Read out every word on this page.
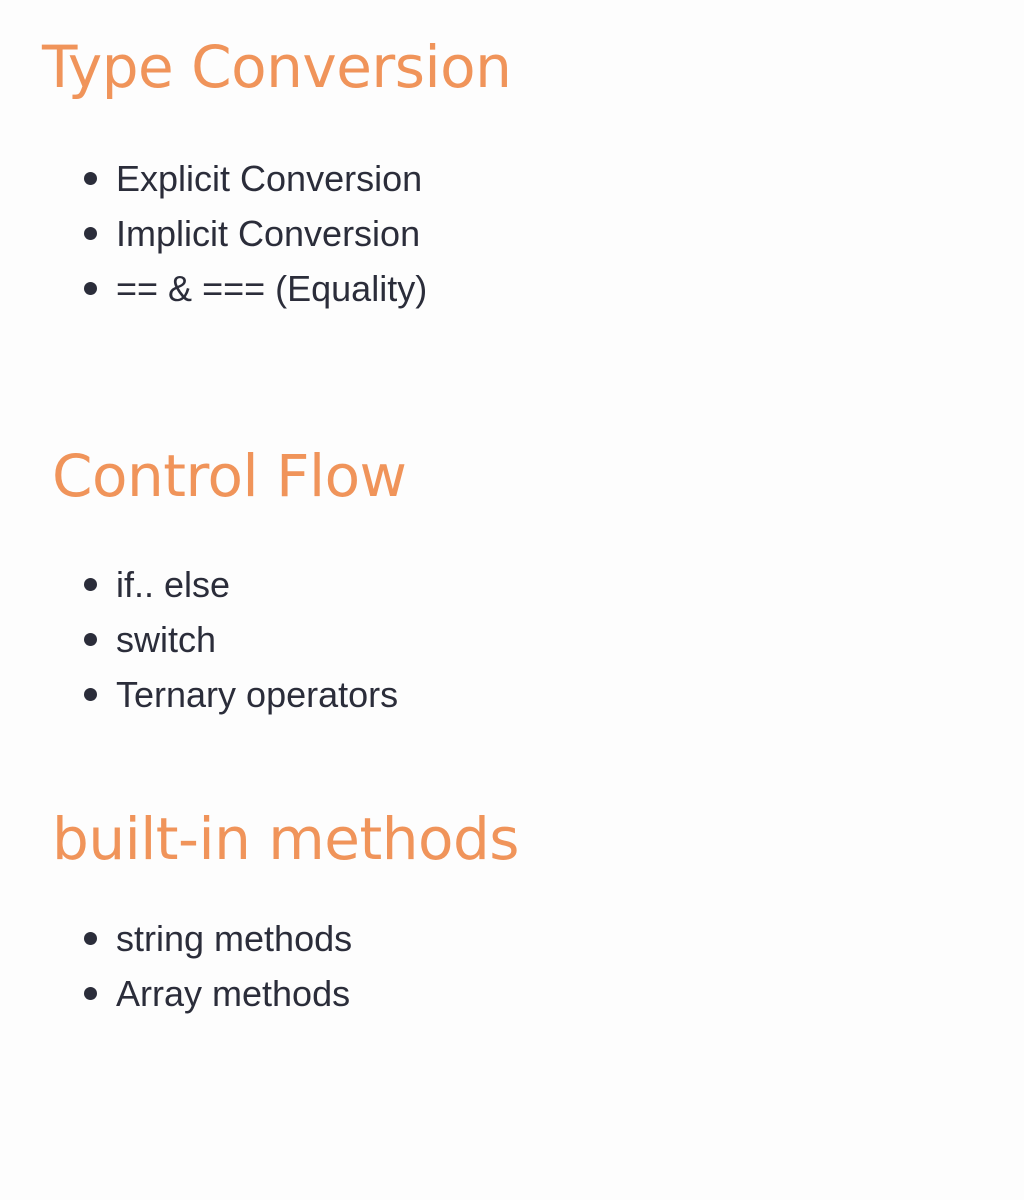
Type Conversion
Explicit Conversion
Implicit Conversion
== & === (Equality)
Control Flow
if.. else
switch
Ternary operators
built-in methods
string methods
Array methods
